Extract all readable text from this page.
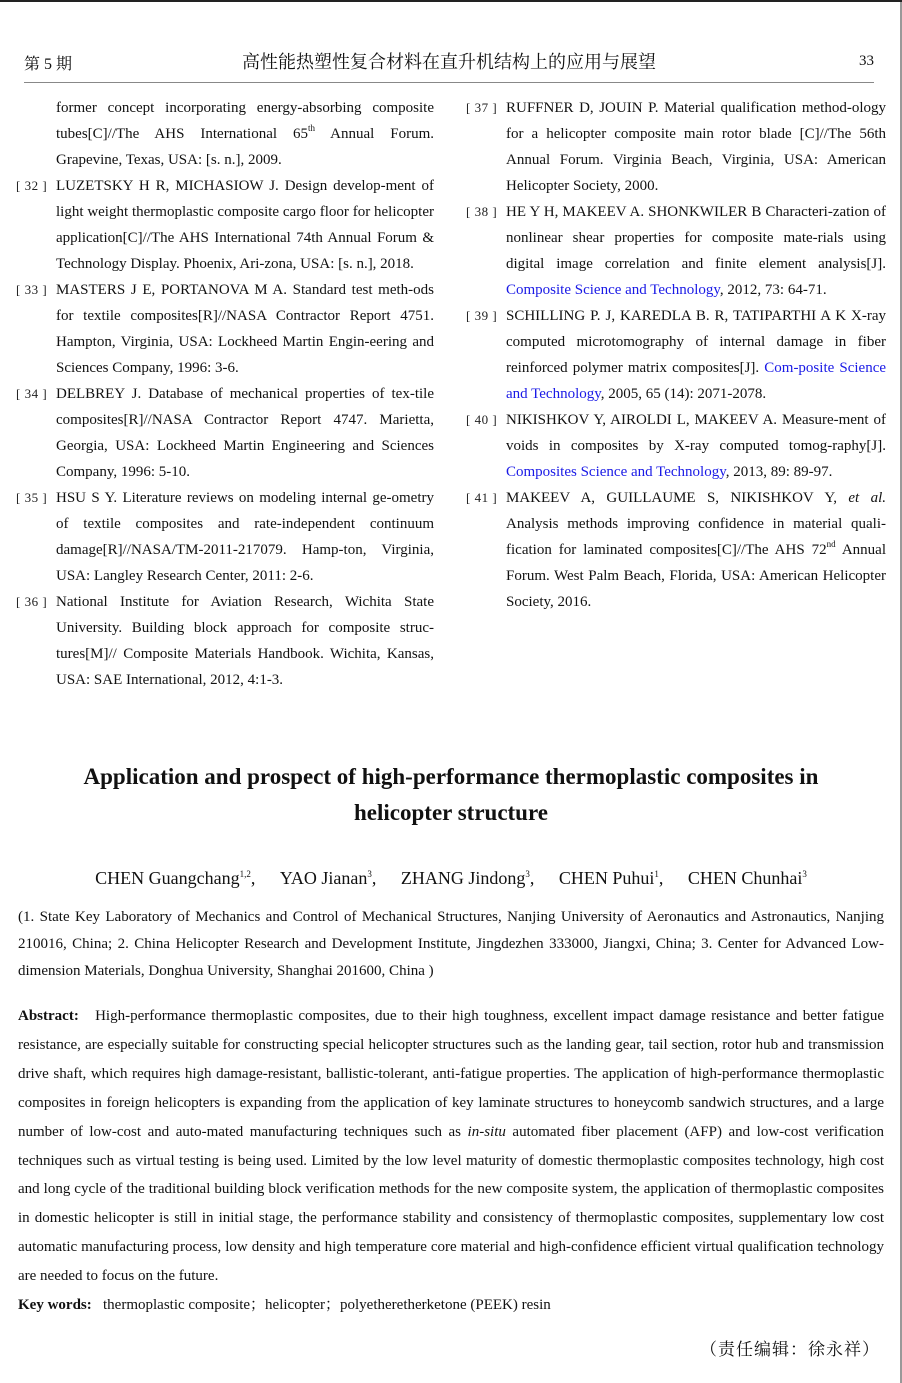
第 5 期	高性能热塑性复合材料在直升机结构上的应用与展望	33
former concept incorporating energy-absorbing composite tubes[C]//The AHS International 65th Annual Forum. Grapevine, Texas, USA: [s. n.], 2009.
[ 32 ] LUZETSKY H R, MICHASIOW J. Design develop-ment of light weight thermoplastic composite cargo floor for helicopter application[C]//The AHS International 74th Annual Forum & Technology Display. Phoenix, Ari-zona, USA: [s. n.], 2018.
[ 33 ] MASTERS J E, PORTANOVA M A. Standard test meth-ods for textile composites[R]//NASA Contractor Report 4751. Hampton, Virginia, USA: Lockheed Martin Engin-eering and Sciences Company, 1996: 3-6.
[ 34 ] DELBREY J. Database of mechanical properties of tex-tile composites[R]//NASA Contractor Report 4747. Marietta, Georgia, USA: Lockheed Martin Engineering and Sciences Company, 1996: 5-10.
[ 35 ] HSU S Y. Literature reviews on modeling internal ge-ometry of textile composites and rate-independent continuum damage[R]//NASA/TM-2011-217079. Hamp-ton, Virginia, USA: Langley Research Center, 2011: 2-6.
[ 36 ] National Institute for Aviation Research, Wichita State University. Building block approach for composite struc-tures[M]// Composite Materials Handbook. Wichita, Kansas, USA: SAE International, 2012, 4:1-3.
[ 37 ] RUFFNER D, JOUIN P. Material qualification method-ology for a helicopter composite main rotor blade [C]//The 56th Annual Forum. Virginia Beach, Virginia, USA: American Helicopter Society, 2000.
[ 38 ] HE Y H, MAKEEV A. SHONKWILER B Characteri-zation of nonlinear shear properties for composite mate-rials using digital image correlation and finite element analysis[J]. Composite Science and Technology, 2012, 73: 64-71.
[ 39 ] SCHILLING P. J, KAREDLA B. R, TATIPARTHI A K X-ray computed microtomography of internal damage in fiber reinforced polymer matrix composites[J]. Com-posite Science and Technology, 2005, 65 (14): 2071-2078.
[ 40 ] NIKISHKOV Y, AIROLDI L, MAKEEV A. Measure-ment of voids in composites by X-ray computed tomog-raphy[J]. Composites Science and Technology, 2013, 89: 89-97.
[ 41 ] MAKEEV A, GUILLAUME S, NIKISHKOV Y, et al. Analysis methods improving confidence in material quali-fication for laminated composites[C]//The AHS 72nd Annual Forum. West Palm Beach, Florida, USA: American Helicopter Society, 2016.
Application and prospect of high-performance thermoplastic composites in helicopter structure
CHEN Guangchang$^{1,2}$, YAO Jianan$^3$, ZHANG Jindong$^3$, CHEN Puhui$^1$, CHEN Chunhai$^3$
(1. State Key Laboratory of Mechanics and Control of Mechanical Structures, Nanjing University of Aeronautics and Astronautics, Nanjing 210016, China; 2. China Helicopter Research and Development Institute, Jingdezhen 333000, Jiangxi, China; 3. Center for Advanced Low-dimension Materials, Donghua University, Shanghai 201600, China )
Abstract: High-performance thermoplastic composites, due to their high toughness, excellent impact damage resistance and better fatigue resistance, are especially suitable for constructing special helicopter structures such as the landing gear, tail section, rotor hub and transmission drive shaft, which requires high damage-resistant, ballistic-tolerant, anti-fatigue properties. The application of high-performance thermoplastic composites in foreign helicopters is expanding from the application of key laminate structures to honeycomb sandwich structures, and a large number of low-cost and auto-mated manufacturing techniques such as in-situ automated fiber placement (AFP) and low-cost verification techniques such as virtual testing is being used. Limited by the low level maturity of domestic thermoplastic composites technology, high cost and long cycle of the traditional building block verification methods for the new composite system, the application of thermoplastic composites in domestic helicopter is still in initial stage, the performance stability and consistency of thermoplastic composites, supplementary low cost automatic manufacturing process, low density and high temperature core material and high-confidence efficient virtual qualification technology are needed to focus on the future.
Key words: thermoplastic composite；helicopter；polyetheretherketone (PEEK) resin
（责任编辑：徐永祥）
